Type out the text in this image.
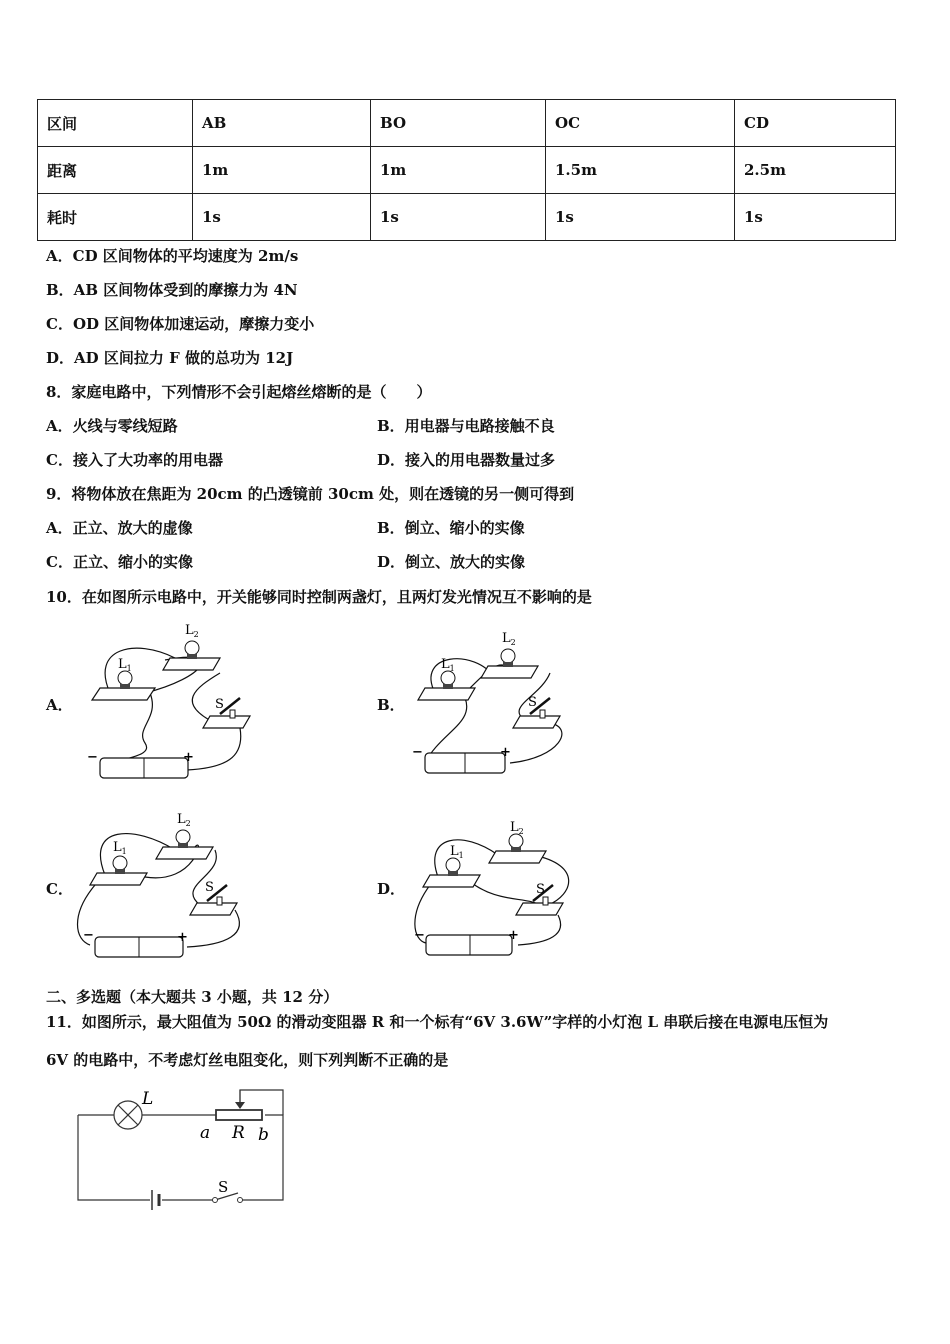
区间	AB	BO	OC	CD
距离	1m	1m	1.5m	2.5m
耗时	1s	1s	1s	1s
A．CD 区间物体的平均速度为 2m/s
B．AB 区间物体受到的摩擦力为 4N
C．OD 区间物体加速运动，摩擦力变小
D．AD 区间拉力 F 做的总功为 12J
8．家庭电路中，下列情形不会引起熔丝熔断的是（　　）
A．火线与零线短路	B．用电器与电路接触不良
C．接入了大功率的用电器	D．接入的用电器数量过多
9．将物体放在焦距为 20cm 的凸透镜前 30cm 处，则在透镜的另一侧可得到
A．正立、放大的虚像	B．倒立、缩小的实像
C．正立、缩小的实像	D．倒立、放大的实像
10．在如图所示电路中，开关能够同时控制两盏灯，且两灯发光情况互不影响的是
A．	B．
C．	D．
$L_1$
$L_2$
S
−	+
$L_1$
$L_2$
S
−	+
$L_1$
$L_2$
S
−	+
$L_1$
$L_2$
S
−	+
二、多选题（本大题共 3 小题，共 12 分）
11．如图所示，最大阻值为 50Ω 的滑动变阻器 R 和一个标有“6V 3.6W”字样的小灯泡 L 串联后接在电源电压恒为
6V 的电路中，不考虑灯丝电阻变化，则下列判断不正确的是
L
a R b
S
